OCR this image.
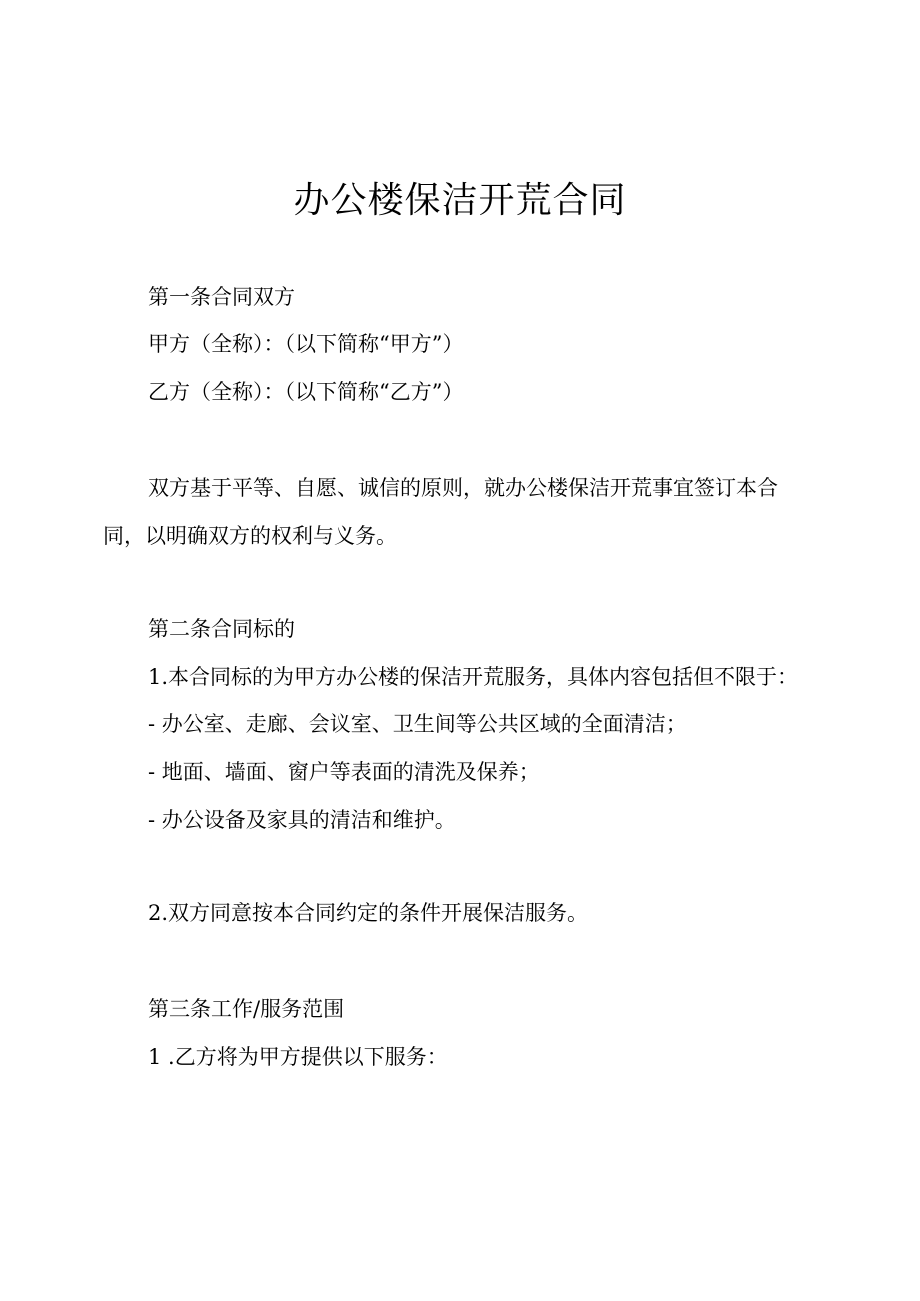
办公楼保洁开荒合同
第一条合同双方
甲方（全称）：（以下简称“甲方”）
乙方（全称）：（以下简称“乙方”）
双方基于平等、自愿、诚信的原则，就办公楼保洁开荒事宜签订本合同，以明确双方的权利与义务。
第二条合同标的
1.本合同标的为甲方办公楼的保洁开荒服务，具体内容包括但不限于：
- 办公室、走廊、会议室、卫生间等公共区域的全面清洁；
- 地面、墙面、窗户等表面的清洗及保养；
- 办公设备及家具的清洁和维护。
2.双方同意按本合同约定的条件开展保洁服务。
第三条工作/服务范围
1 .乙方将为甲方提供以下服务：
